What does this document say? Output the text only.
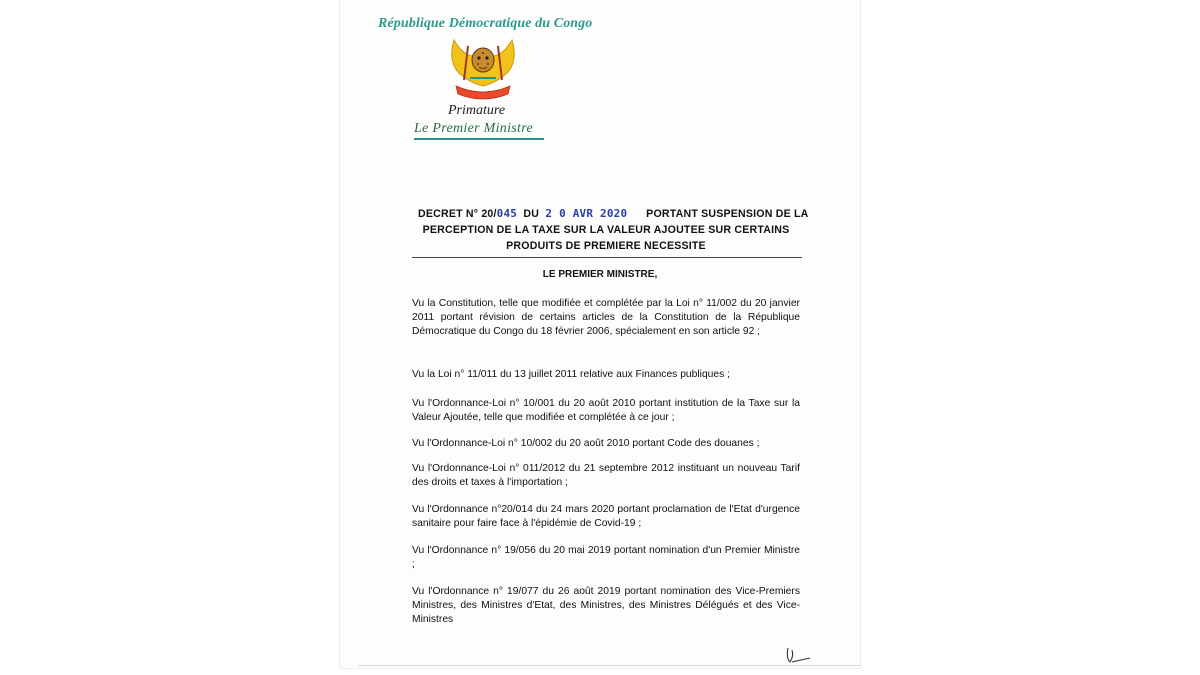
République Démocratique du Congo
Primature
Le Premier Ministre
DECRET N° 20/045 DU 2 0 AVR 2020 PORTANT SUSPENSION DE LA
PERCEPTION DE LA TAXE SUR LA VALEUR AJOUTEE SUR CERTAINS
PRODUITS DE PREMIERE NECESSITE
LE PREMIER MINISTRE,
Vu la Constitution, telle que modifiée et complétée par la Loi n° 11/002 du 20 janvier 2011 portant révision de certains articles de la Constitution de la République Démocratique du Congo du 18 février 2006, spécialement en son article 92 ;
Vu la Loi n° 11/011 du 13 juillet 2011 relative aux Finances publiques ;
Vu l'Ordonnance-Loi n° 10/001 du 20 août 2010 portant institution de la Taxe sur la Valeur Ajoutée, telle que modifiée et complétée à ce jour ;
Vu l'Ordonnance-Loi n° 10/002 du 20 août 2010 portant Code des douanes ;
Vu l'Ordonnance-Loi n° 011/2012 du 21 septembre 2012 instituant un nouveau Tarif des droits et taxes à l'importation ;
Vu l'Ordonnance n°20/014 du 24 mars 2020 portant proclamation de l'Etat d'urgence sanitaire pour faire face à l'épidémie de Covid-19 ;
Vu l'Ordonnance n° 19/056 du 20 mai 2019 portant nomination d'un Premier Ministre ;
Vu l'Ordonnance n° 19/077 du 26 août 2019 portant nomination des Vice-Premiers Ministres, des Ministres d'Etat, des Ministres, des Ministres Délégués et des Vice-Ministres
